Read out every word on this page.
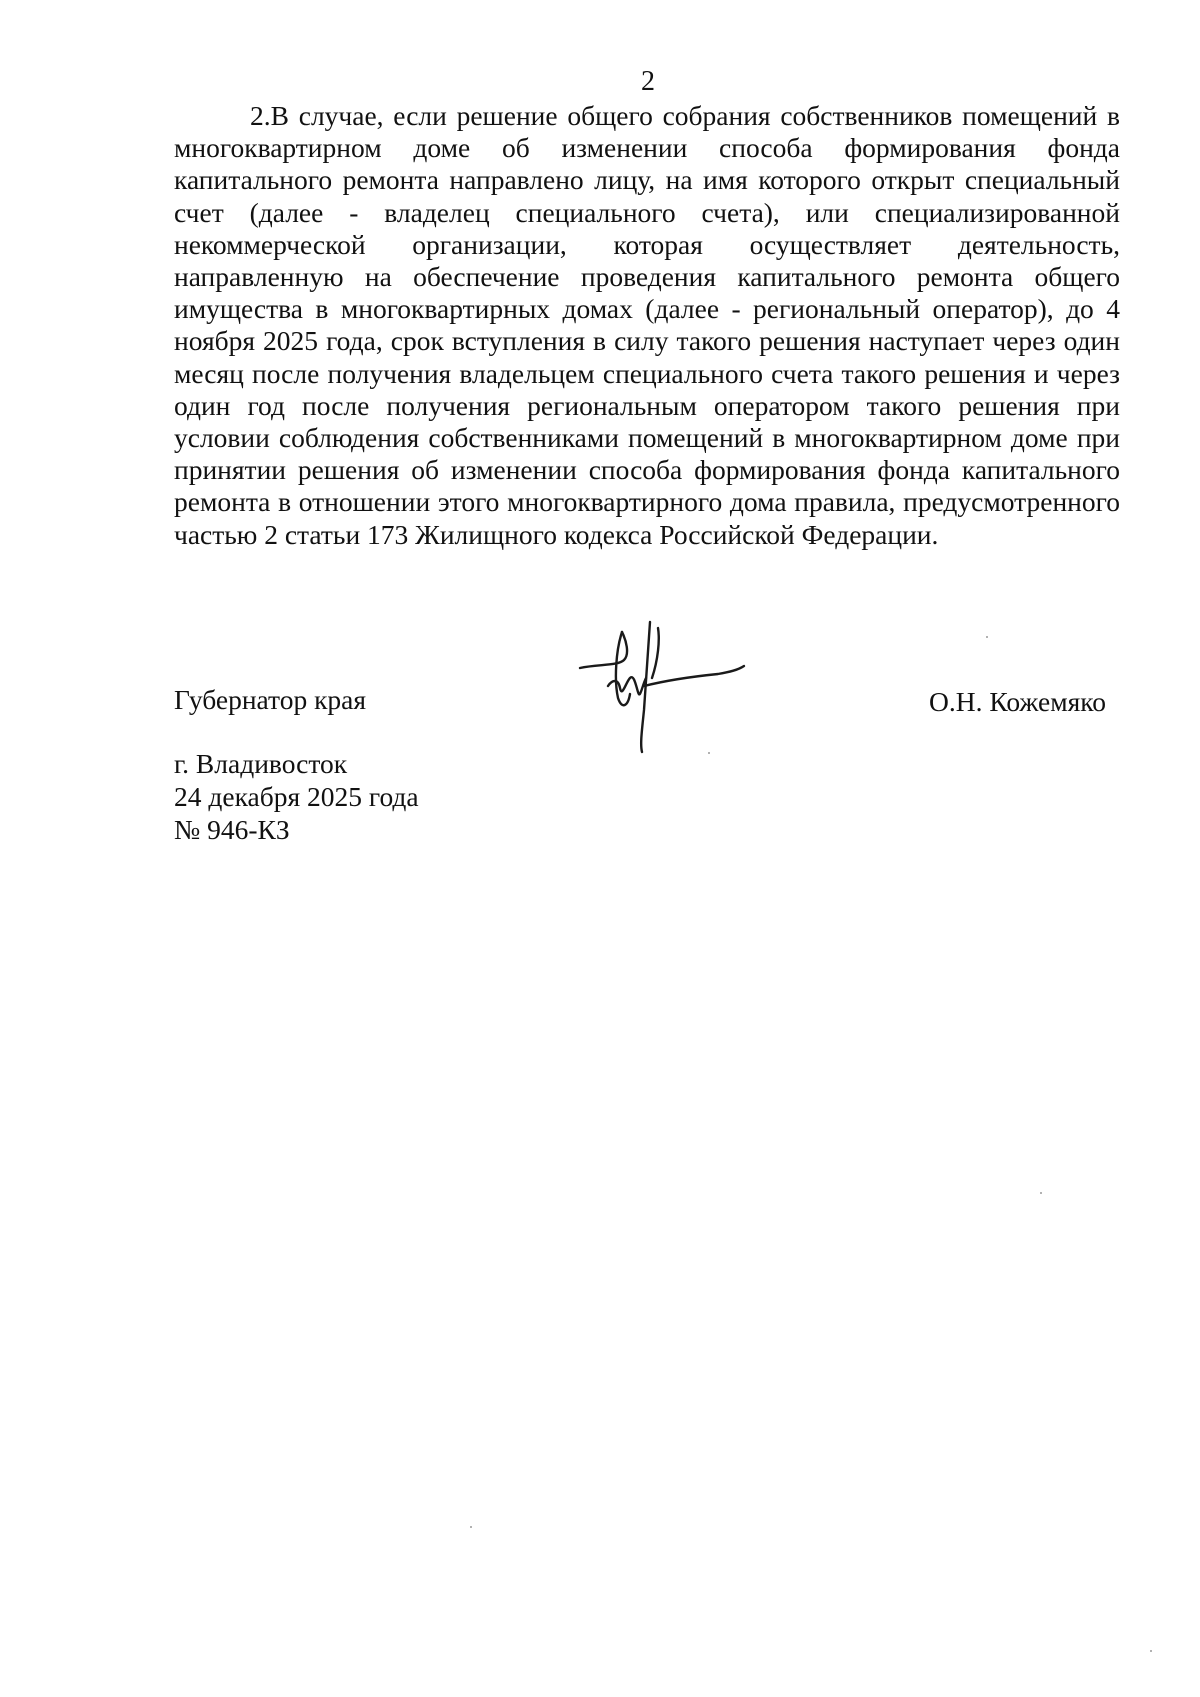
2

2.В случае, если решение общего собрания собственников помещений в многоквартирном доме об изменении способа формирования фонда капитального ремонта направлено лицу, на имя которого открыт специальный счет (далее - владелец специального счета), или специализированной некоммерческой организации, которая осуществляет деятельность, направленную на обеспечение проведения капитального ремонта общего имущества в многоквартирных домах (далее - региональный оператор), до 4 ноября 2025 года, срок вступления в силу такого решения наступает через один месяц после получения владельцем специального счета такого решения и через один год после получения региональным оператором такого решения при условии соблюдения собственниками помещений в многоквартирном доме при принятии решения об изменении способа формирования фонда капитального ремонта в отношении этого многоквартирного дома правила, предусмотренного частью 2 статьи 173 Жилищного кодекса Российской Федерации.

Губернатор края	О.Н. Кожемяко
г. Владивосток
24 декабря 2025 года
№ 946-КЗ
